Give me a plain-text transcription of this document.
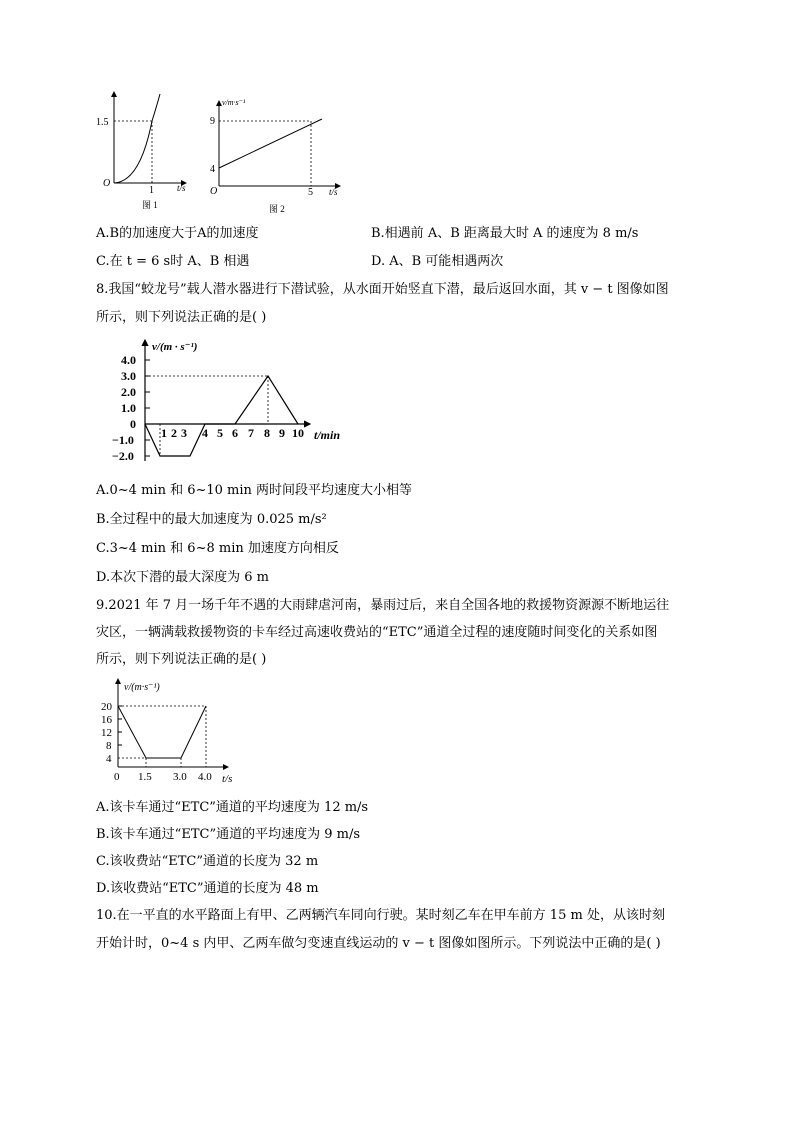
1.5
O
1	t/s
图 1
v/m·s⁻¹
9
4
O	5 t/s
图 2
A.B的加速度大于A的加速度	B.相遇前 A、B 距离最大时 A 的速度为 8 m/s
C.在 t = 6 s时 A、B 相遇	D. A、B 可能相遇两次
8.我国“蛟龙号”载人潜水器进行下潜试验，从水面开始竖直下潜，最后返回水面，其 v − t 图像如图
所示，则下列说法正确的是( )
v/(m · s⁻¹)
4.0
3.0
2.0
1.0
0
−1.0
−2.0
1 2 3 4 5 6 7 8 9 10 t/min
A.0~4 min 和 6~10 min 两时间段平均速度大小相等
B.全过程中的最大加速度为 0.025 m/s²
C.3~4 min 和 6~8 min 加速度方向相反
D.本次下潜的最大深度为 6 m
9.2021 年 7 月一场千年不遇的大雨肆虐河南，暴雨过后，来自全国各地的救援物资源源不断地运往
灾区，一辆满载救援物资的卡车经过高速收费站的“ETC”通道全过程的速度随时间变化的关系如图
所示，则下列说法正确的是( )
v/(m·s⁻¹)
20
16
12
8
4
0 1.5 3.0 4.0 t/s
A.该卡车通过“ETC”通道的平均速度为 12 m/s
B.该卡车通过“ETC”通道的平均速度为 9 m/s
C.该收费站“ETC”通道的长度为 32 m
D.该收费站“ETC”通道的长度为 48 m
10.在一平直的水平路面上有甲、乙两辆汽车同向行驶。某时刻乙车在甲车前方 15 m 处，从该时刻
开始计时，0~4 s 内甲、乙两车做匀变速直线运动的 v − t 图像如图所示。下列说法中正确的是( )
